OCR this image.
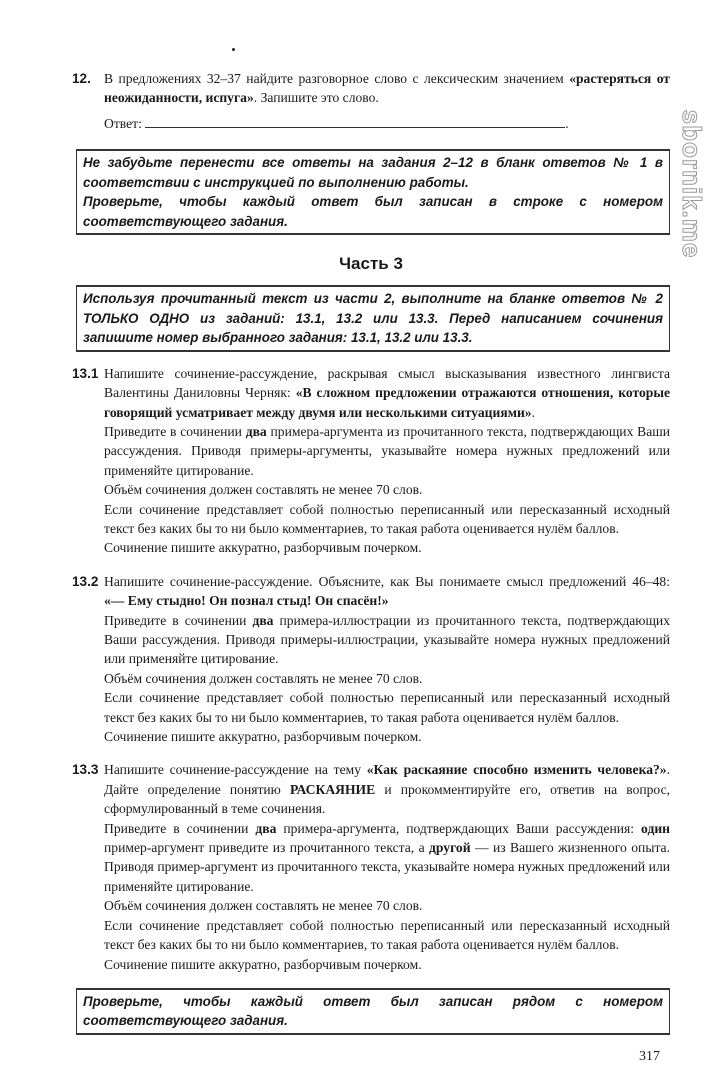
sbornik.me
12. В предложениях 32–37 найдите разговорное слово с лексическим значением «растеряться от неожиданности, испуга». Запишите это слово.

Ответ:	.

Не забудьте перенести все ответы на задания 2–12 в бланк ответов № 1 в соответствии с инструкцией по выполнению работы.

Проверьте, чтобы каждый ответ был записан в строке с номером соответствующего задания.

Часть 3

Используя прочитанный текст из части 2, выполните на бланке ответов № 2 ТОЛЬКО ОДНО из заданий: 13.1, 13.2 или 13.3. Перед написанием сочинения запишите номер выбранного задания: 13.1, 13.2 или 13.3.

13.1 Напишите сочинение-рассуждение, раскрывая смысл высказывания известного лингвиста Валентины Даниловны Черняк: «В сложном предложении отражаются отношения, которые говорящий усматривает между двумя или несколькими ситуациями».

Приведите в сочинении два примера-аргумента из прочитанного текста, подтверждающих Ваши рассуждения. Приводя примеры-аргументы, указывайте номера нужных предложений или применяйте цитирование.

Объём сочинения должен составлять не менее 70 слов.

Если сочинение представляет собой полностью переписанный или пересказанный исходный текст без каких бы то ни было комментариев, то такая работа оценивается нулём баллов.

Сочинение пишите аккуратно, разборчивым почерком.

13.2 Напишите сочинение-рассуждение. Объясните, как Вы понимаете смысл предложений 46–48: «— Ему стыдно! Он познал стыд! Он спасён!»

Приведите в сочинении два примера-иллюстрации из прочитанного текста, подтверждающих Ваши рассуждения. Приводя примеры-иллюстрации, указывайте номера нужных предложений или применяйте цитирование.

Объём сочинения должен составлять не менее 70 слов.

Если сочинение представляет собой полностью переписанный или пересказанный исходный текст без каких бы то ни было комментариев, то такая работа оценивается нулём баллов.

Сочинение пишите аккуратно, разборчивым почерком.

13.3 Напишите сочинение-рассуждение на тему «Как раскаяние способно изменить человека?». Дайте определение понятию РАСКАЯНИЕ и прокомментируйте его, ответив на вопрос, сформулированный в теме сочинения.

Приведите в сочинении два примера-аргумента, подтверждающих Ваши рассуждения: один пример-аргумент приведите из прочитанного текста, а другой — из Вашего жизненного опыта. Приводя пример-аргумент из прочитанного текста, указывайте номера нужных предложений или применяйте цитирование.

Объём сочинения должен составлять не менее 70 слов.

Если сочинение представляет собой полностью переписанный или пересказанный исходный текст без каких бы то ни было комментариев, то такая работа оценивается нулём баллов.

Сочинение пишите аккуратно, разборчивым почерком.

Проверьте, чтобы каждый ответ был записан рядом с номером соответствующего задания.

317
